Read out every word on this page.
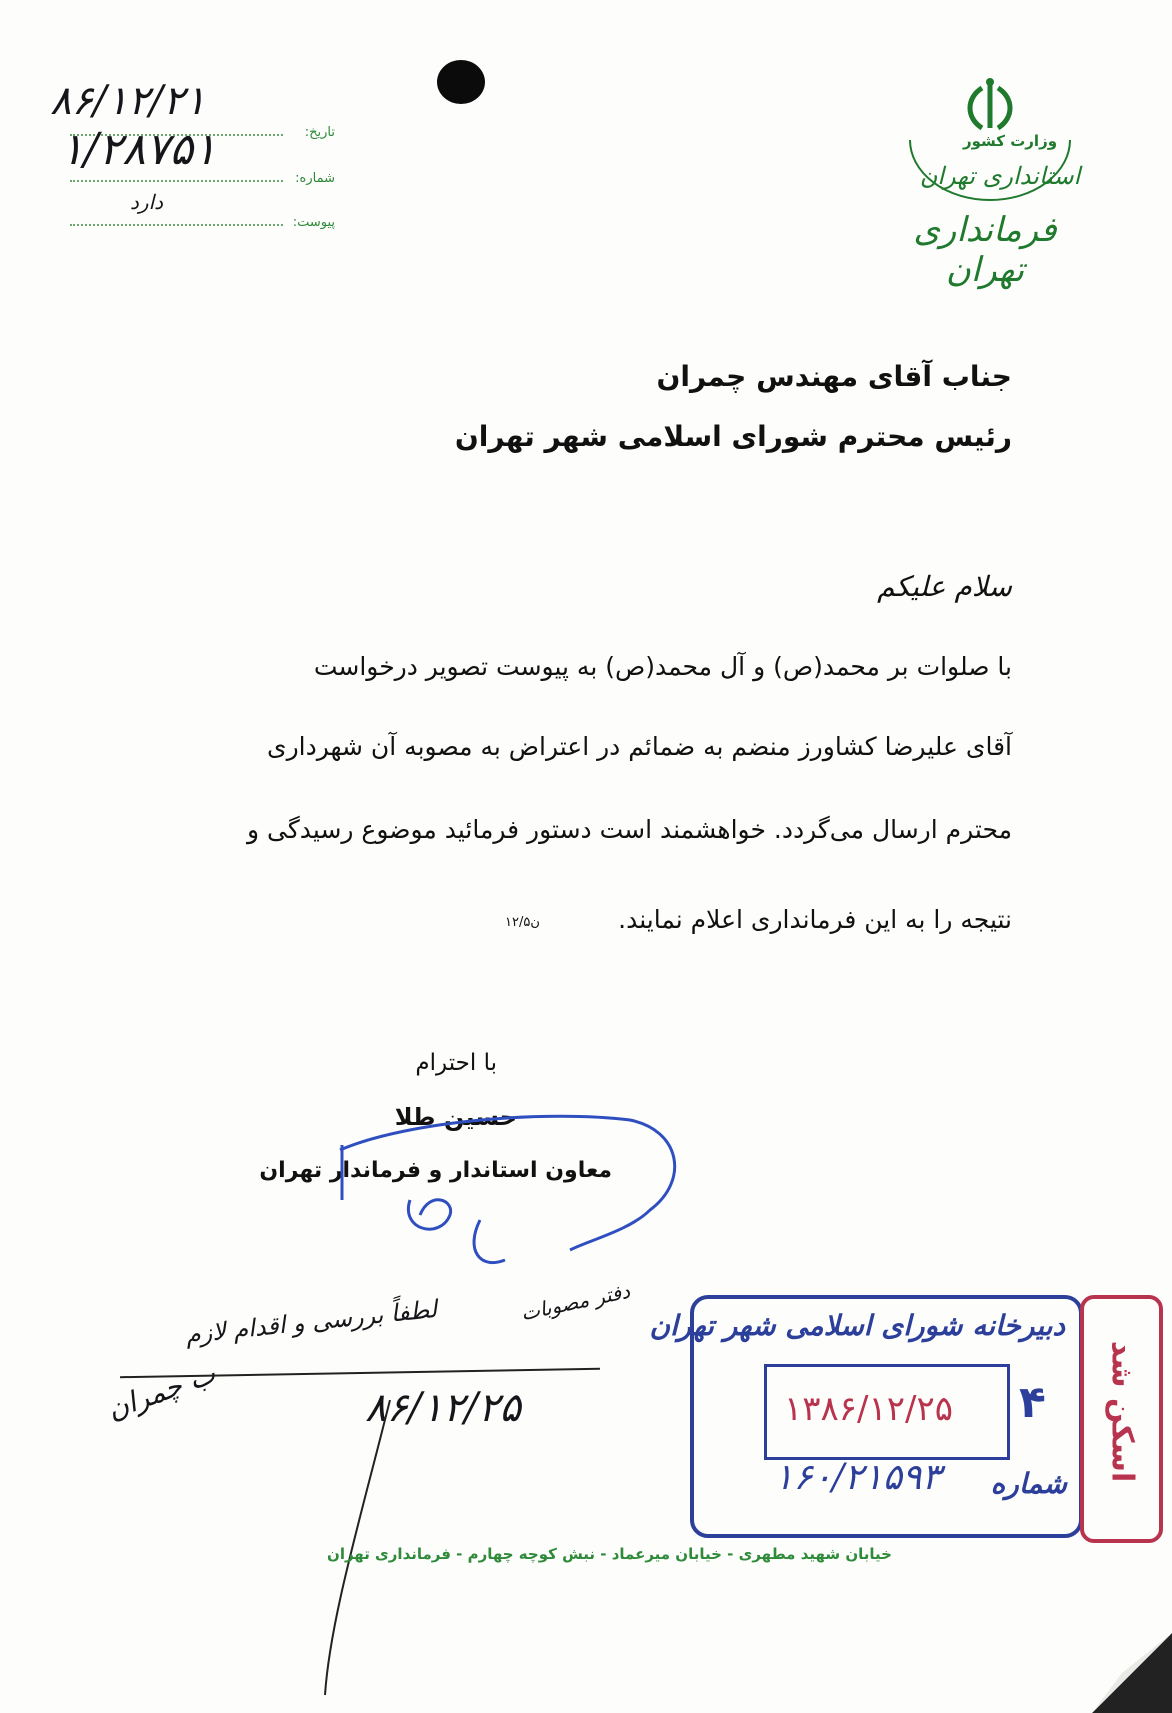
تاریخ:
۸۶/۱۲/۲۱
شماره:
۱/۲۸۷۵۱
پیوست:
دارد
وزارت کشور
استانداری تهران
فرمانداری تهران
جناب آقای مهندس چمران
رئیس محترم شورای اسلامی شهر تهران
سلام علیکم
با صلوات بر محمد(ص) و آل محمد(ص) به پیوست تصویر درخواست
آقای علیرضا کشاورز منضم به ضمائم در اعتراض به مصوبه آن شهرداری
محترم ارسال می‌گردد. خواهشمند است دستور فرمائید موضوع رسیدگی و
نتیجه را به این فرمانداری اعلام نمایند.
ن۱۲/۵
با احترام
حسین طلا
معاون استاندار و فرماندار تهران
دفتر مصوبات
لطفاً بررسی و اقدام لازم
ب چمران	۸۶/۱۲/۲۵
دبیرخانه شورای اسلامی شهر تهران
۱۳۸۶/۱۲/۲۵ ۴
شماره
۱۶۰/۲۱۵۹۳	اسکن شد
خیابان شهید مطهری - خیابان میرعماد - نبش کوچه چهارم - فرمانداری تهران
